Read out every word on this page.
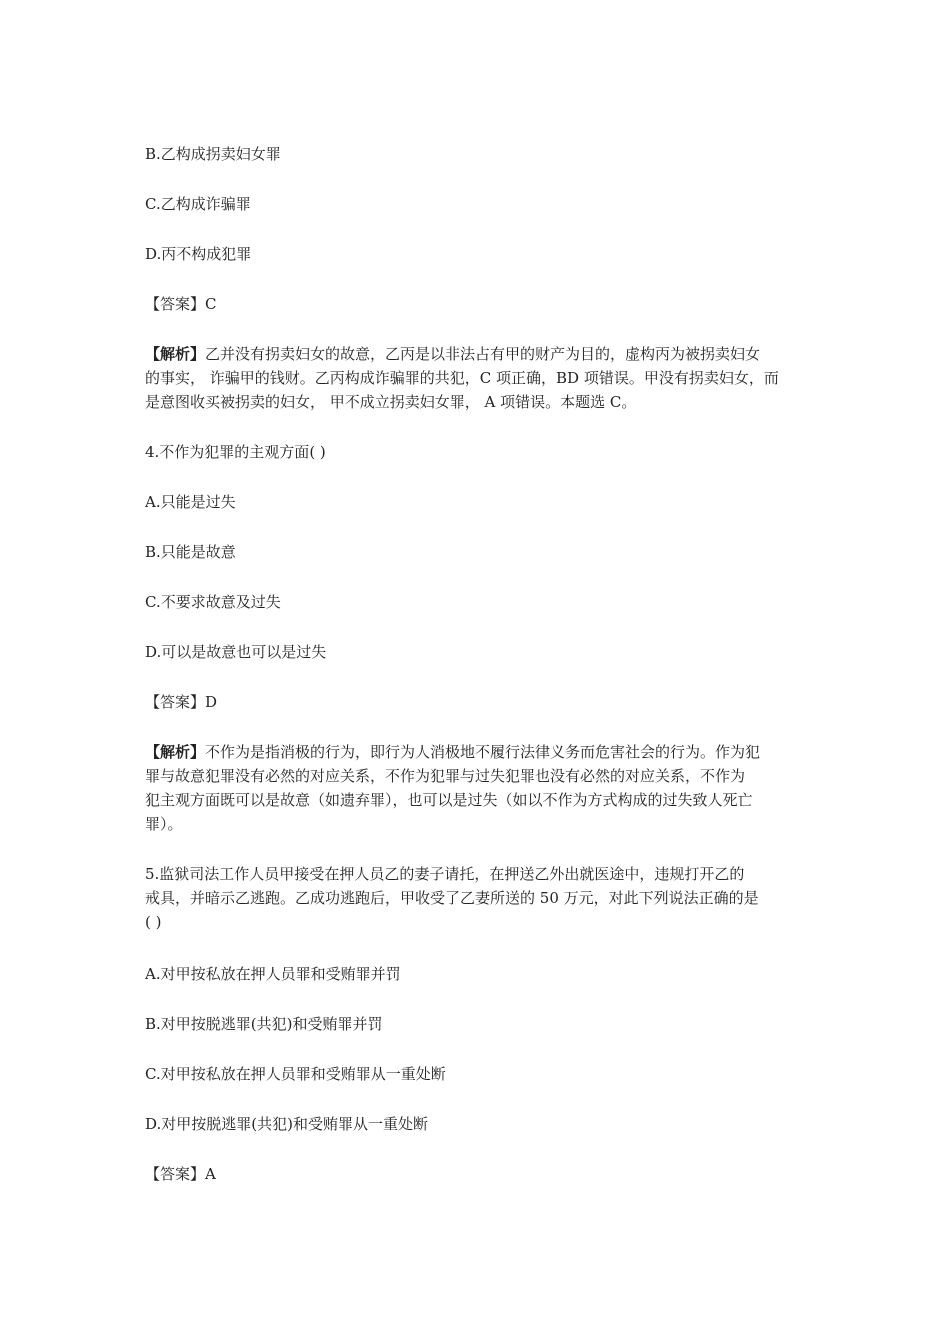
B.乙构成拐卖妇女罪

C.乙构成诈骗罪

D.丙不构成犯罪

【答案】C

【解析】乙并没有拐卖妇女的故意，乙丙是以非法占有甲的财产为目的，虚构丙为被拐卖妇女
的事实， 诈骗甲的钱财。乙丙构成诈骗罪的共犯，C 项正确，BD 项错误。甲没有拐卖妇女，而
是意图收买被拐卖的妇女， 甲不成立拐卖妇女罪， A 项错误。本题选 C。

4.不作为犯罪的主观方面( )

A.只能是过失

B.只能是故意

C.不要求故意及过失

D.可以是故意也可以是过失

【答案】D

【解析】不作为是指消极的行为，即行为人消极地不履行法律义务而危害社会的行为。作为犯
罪与故意犯罪没有必然的对应关系，不作为犯罪与过失犯罪也没有必然的对应关系，不作为
犯主观方面既可以是故意（如遗弃罪），也可以是过失（如以不作为方式构成的过失致人死亡
罪）。
5.监狱司法工作人员甲接受在押人员乙的妻子请托，在押送乙外出就医途中，违规打开乙的
戒具，并暗示乙逃跑。乙成功逃跑后，甲收受了乙妻所送的 50 万元，对此下列说法正确的是
( )

A.对甲按私放在押人员罪和受贿罪并罚

B.对甲按脱逃罪(共犯)和受贿罪并罚

C.对甲按私放在押人员罪和受贿罪从一重处断

D.对甲按脱逃罪(共犯)和受贿罪从一重处断

【答案】A
